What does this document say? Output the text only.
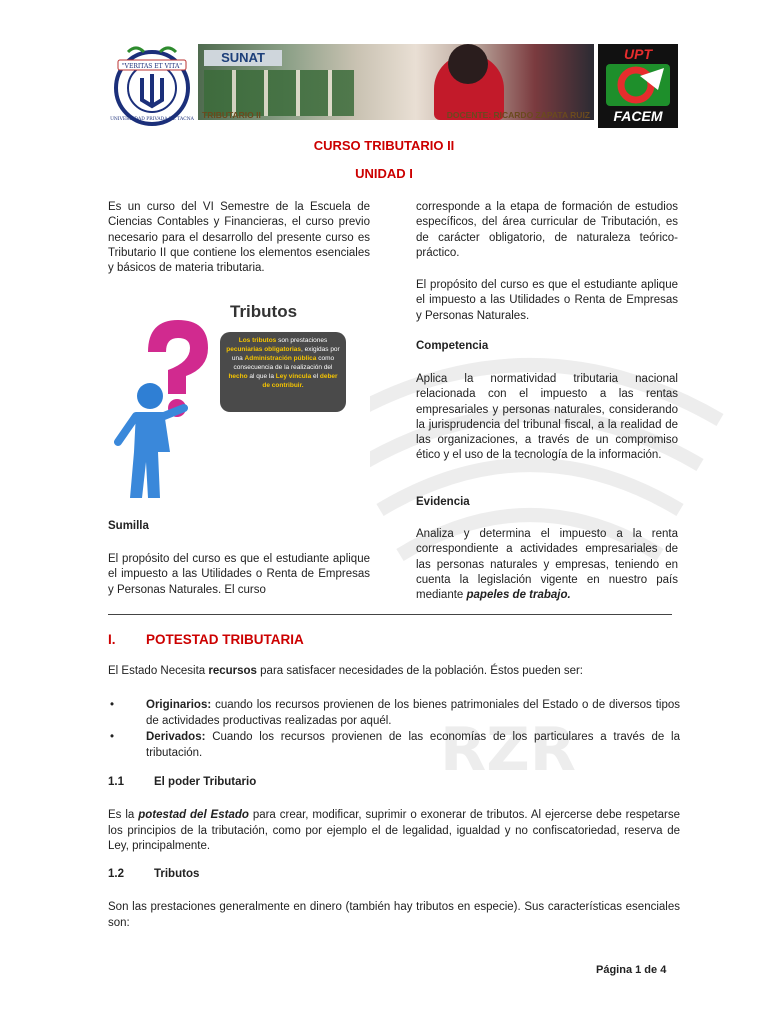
RZR
"VERITAS ET VITA"
UNIVERSIDAD PRIVADA DE TACNA
SUNAT
TRIBUTARIO II	DOCENTE: RICARDO ZAPATA RUIZ
UPT
FACEM
CURSO TRIBUTARIO II
UNIDAD I
Es un curso del VI Semestre de la Escuela de Ciencias Contables y Financieras, el curso previo necesario para el desarrollo del presente curso es Tributario II que contiene los elementos esenciales y básicos de materia tributaria.
Tributos
Los tributos son prestaciones pecuniarias obligatorias, exigidas por una Administración pública como consecuencia de la realización del hecho al que la Ley vincula el deber de contribuir.
Sumilla
El propósito del curso es que el estudiante aplique el impuesto a las Utilidades o Renta de Empresas y Personas Naturales. El curso
corresponde a la etapa de formación de estudios específicos, del área curricular de Tributación, es de carácter obligatorio, de naturaleza teórico-práctico.
El propósito del curso es que el estudiante aplique el impuesto a las Utilidades o Renta de Empresas y Personas Naturales.
Competencia
Aplica la normatividad tributaria nacional relacionada con el impuesto a las rentas empresariales y personas naturales, considerando la jurisprudencia del tribunal fiscal, a la realidad de las organizaciones, a través de un compromiso ético y el uso de la tecnología de la información.
Evidencia
Analiza y determina el impuesto a la renta correspondiente a actividades empresariales de las personas naturales y empresas, teniendo en cuenta la legislación vigente en nuestro país mediante papeles de trabajo.
I. POTESTAD TRIBUTARIA
El Estado Necesita recursos para satisfacer necesidades de la población. Éstos pueden ser:
•	Originarios: cuando los recursos provienen de los bienes patrimoniales del Estado o de diversos tipos de actividades productivas realizadas por aquél.
•	Derivados: Cuando los recursos provienen de las economías de los particulares a través de la tributación.
1.1	El poder Tributario
Es la potestad del Estado para crear, modificar, suprimir o exonerar de tributos. Al ejercerse debe respetarse los principios de la tributación, como por ejemplo el de legalidad, igualdad y no confiscatoriedad, reserva de Ley, principalmente.
1.2	Tributos
Son las prestaciones generalmente en dinero (también hay tributos en especie). Sus características esenciales son:
Página 1 de 4
